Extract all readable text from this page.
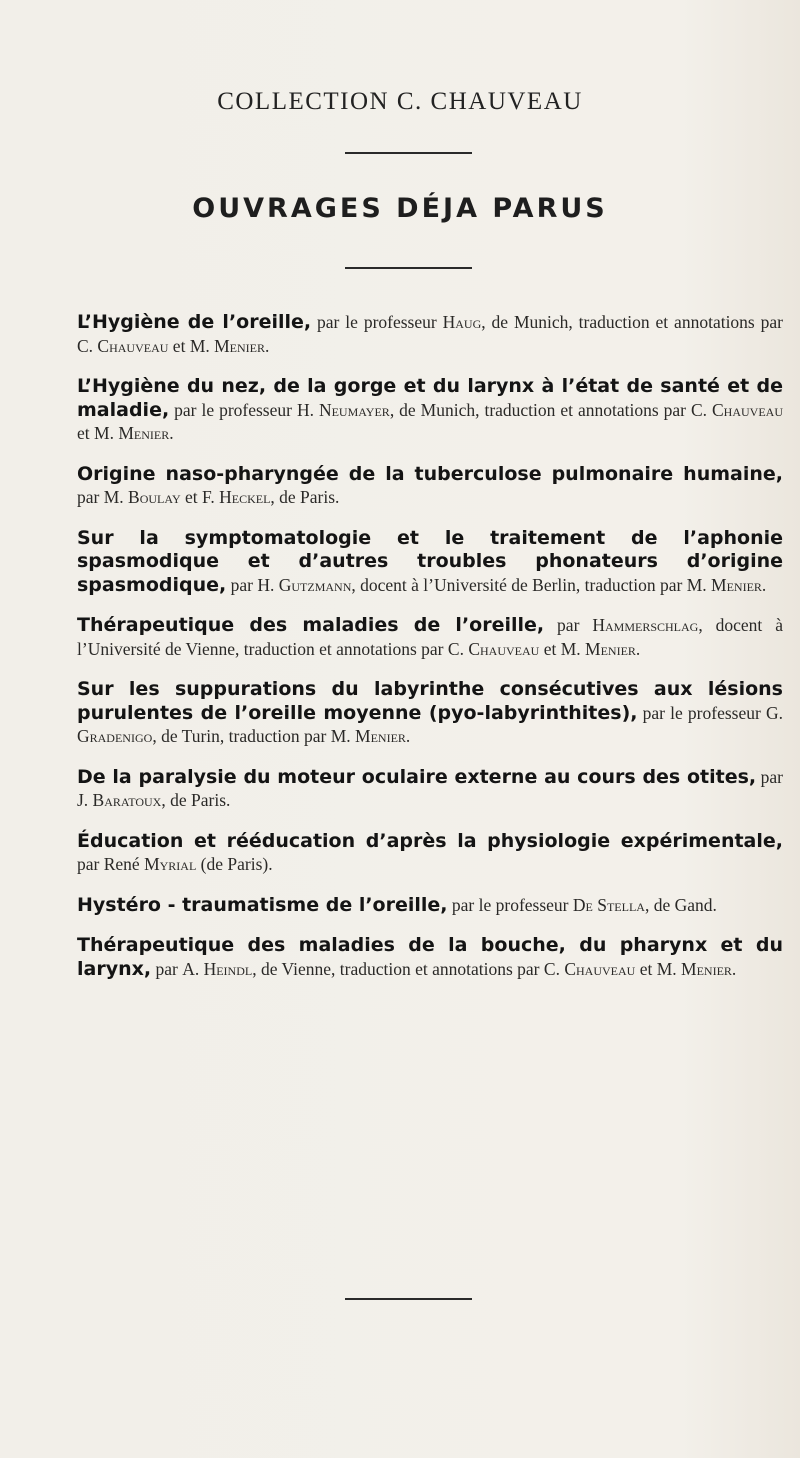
COLLECTION C. CHAUVEAU
OUVRAGES DÉJA PARUS

L’Hygiène de l’oreille, par le professeur Haug, de Munich, traduction et annotations par C. Chauveau et M. Menier.

L’Hygiène du nez, de la gorge et du larynx à l’état de santé et de maladie, par le professeur H. Neumayer, de Munich, traduction et annotations par C. Chauveau et M. Menier.

Origine naso-pharyngée de la tuberculose pulmonaire humaine, par M. Boulay et F. Heckel, de Paris.

Sur la symptomatologie et le traitement de l’aphonie spasmodique et d’autres troubles phonateurs d’origine spasmodique, par H. Gutzmann, docent à l’Université de Berlin, traduction par M. Menier.

Thérapeutique des maladies de l’oreille, par Hammerschlag, docent à l’Université de Vienne, traduction et annotations par C. Chauveau et M. Menier.

Sur les suppurations du labyrinthe consécutives aux lésions purulentes de l’oreille moyenne (pyo-labyrinthites), par le professeur G. Gradenigo, de Turin, traduction par M. Menier.

De la paralysie du moteur oculaire externe au cours des otites, par J. Baratoux, de Paris.

Éducation et rééducation d’après la physiologie expérimentale, par René Myrial (de Paris).

Hystéro - traumatisme de l’oreille, par le professeur De Stella, de Gand.

Thérapeutique des maladies de la bouche, du pharynx et du larynx, par A. Heindl, de Vienne, traduction et annotations par C. Chauveau et M. Menier.
